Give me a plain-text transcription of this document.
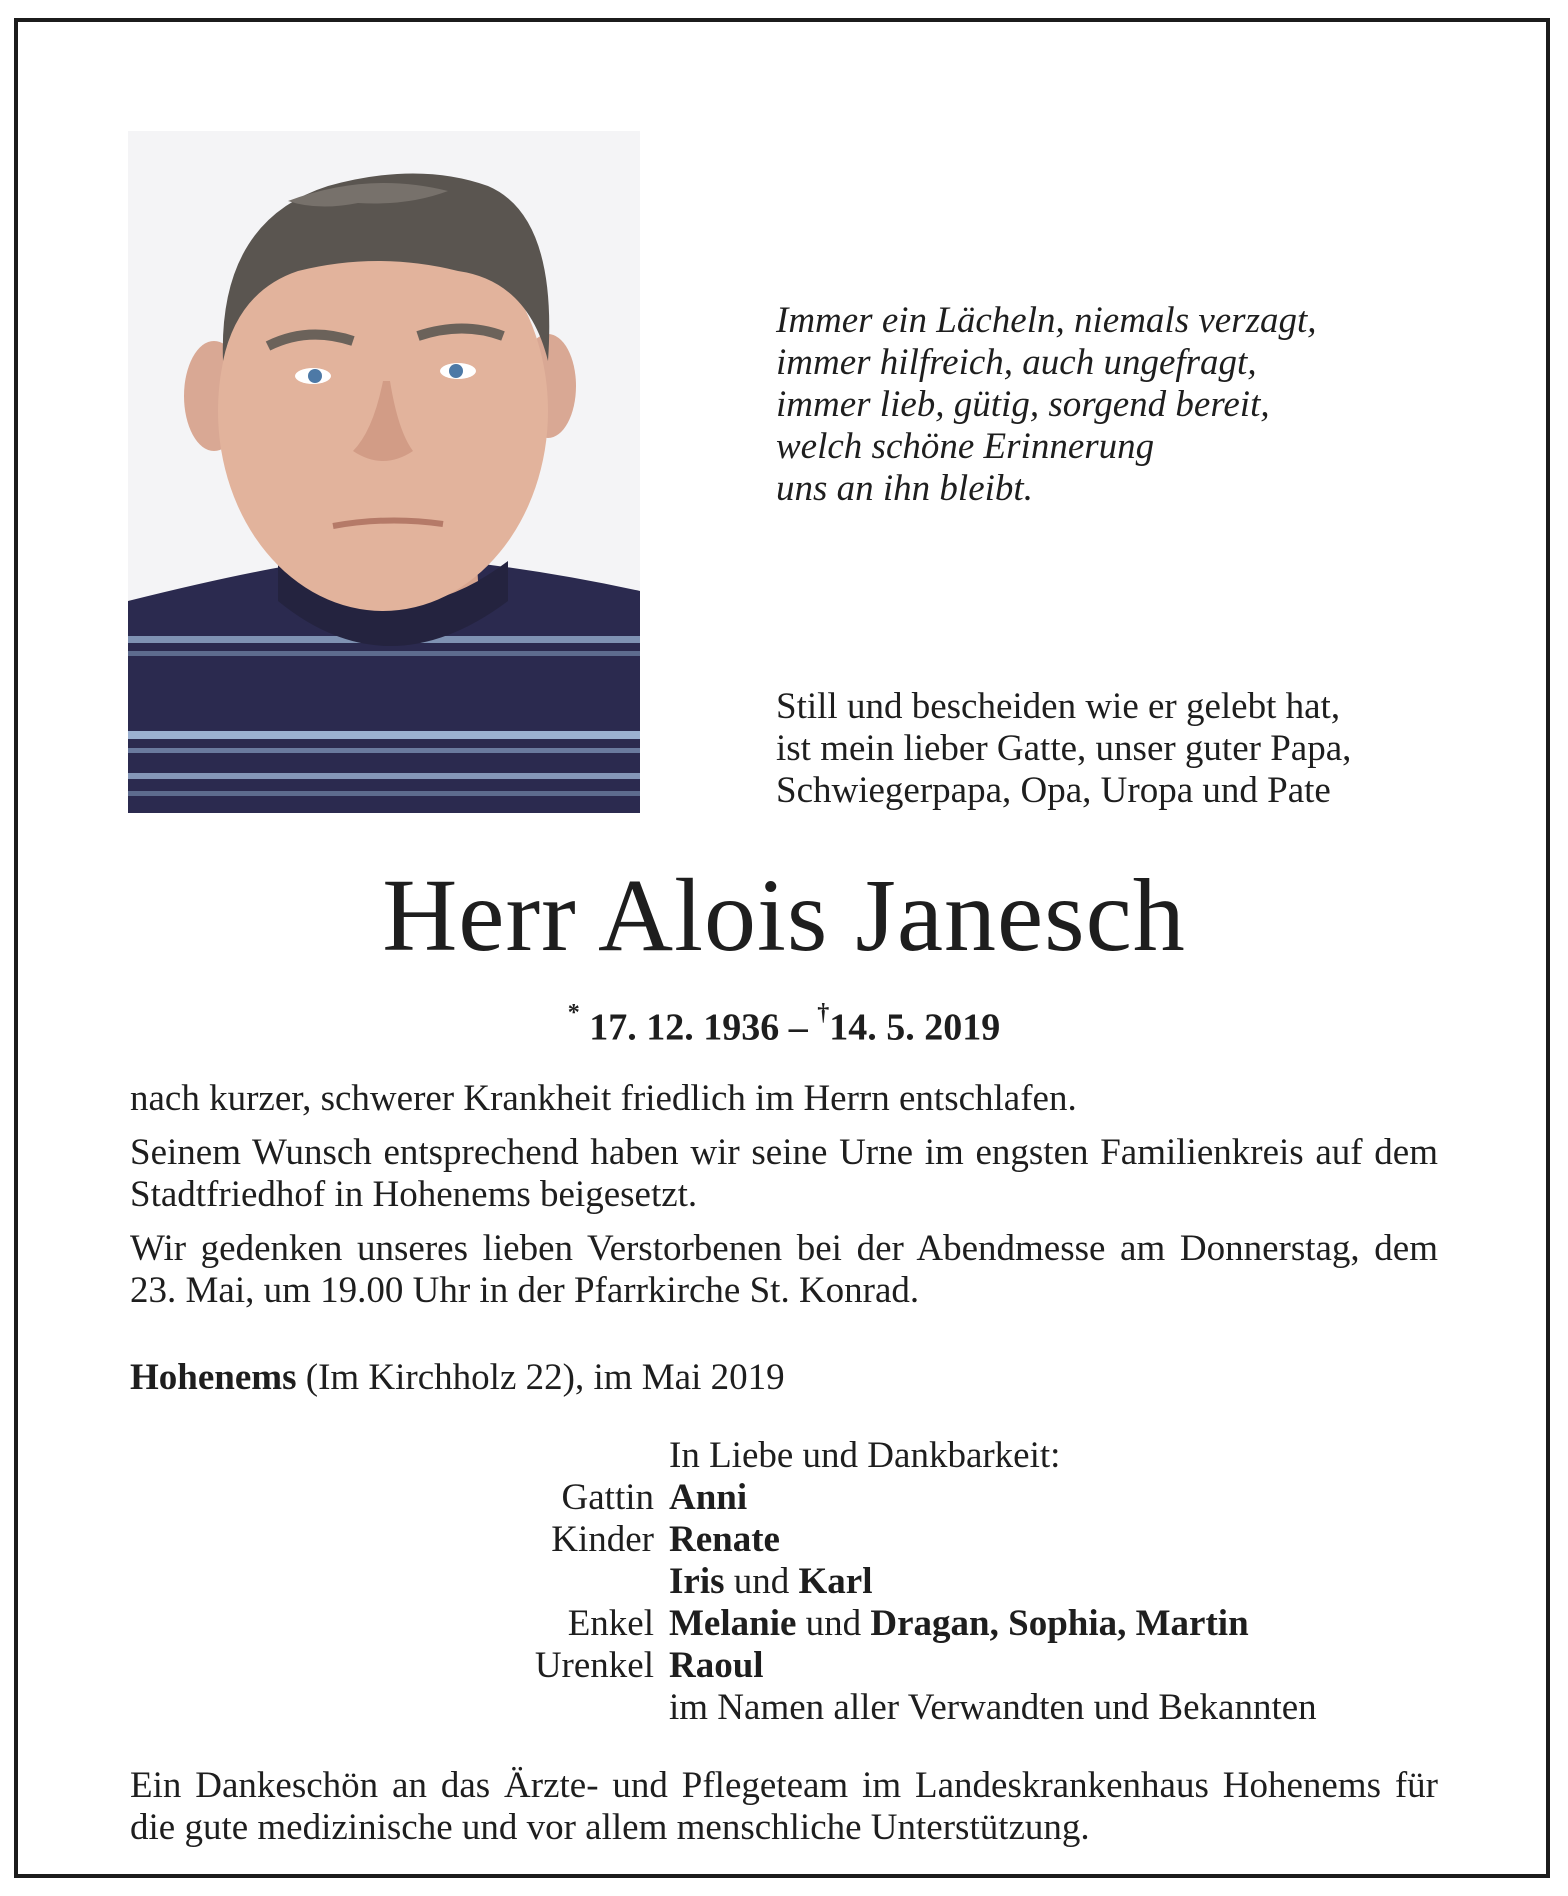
Immer ein Lächeln, niemals verzagt,
immer hilfreich, auch ungefragt,
immer lieb, gütig, sorgend bereit,
welch schöne Erinnerung
uns an ihn bleibt.
Still und bescheiden wie er gelebt hat,
ist mein lieber Gatte, unser guter Papa,
Schwiegerpapa, Opa, Uropa und Pate
Herr Alois Janesch
* 17. 12. 1936 – †14. 5. 2019
nach kurzer, schwerer Krankheit friedlich im Herrn entschlafen.
Seinem Wunsch entsprechend haben wir seine Urne im engsten Familienkreis auf dem Stadtfriedhof in Hohenems beigesetzt.
Wir gedenken unseres lieben Verstorbenen bei der Abendmesse am Donnerstag, dem 23. Mai, um 19.00 Uhr in der Pfarrkirche St. Konrad.
Hohenems (Im Kirchholz 22), im Mai 2019
In Liebe und Dankbarkeit:
Gattin Anni
Kinder Renate
Iris und Karl
Enkel Melanie und Dragan, Sophia, Martin
Urenkel Raoul
im Namen aller Verwandten und Bekannten
Ein Dankeschön an das Ärzte- und Pflegeteam im Landeskrankenhaus Hohenems für die gute medizinische und vor allem menschliche Unterstützung.
